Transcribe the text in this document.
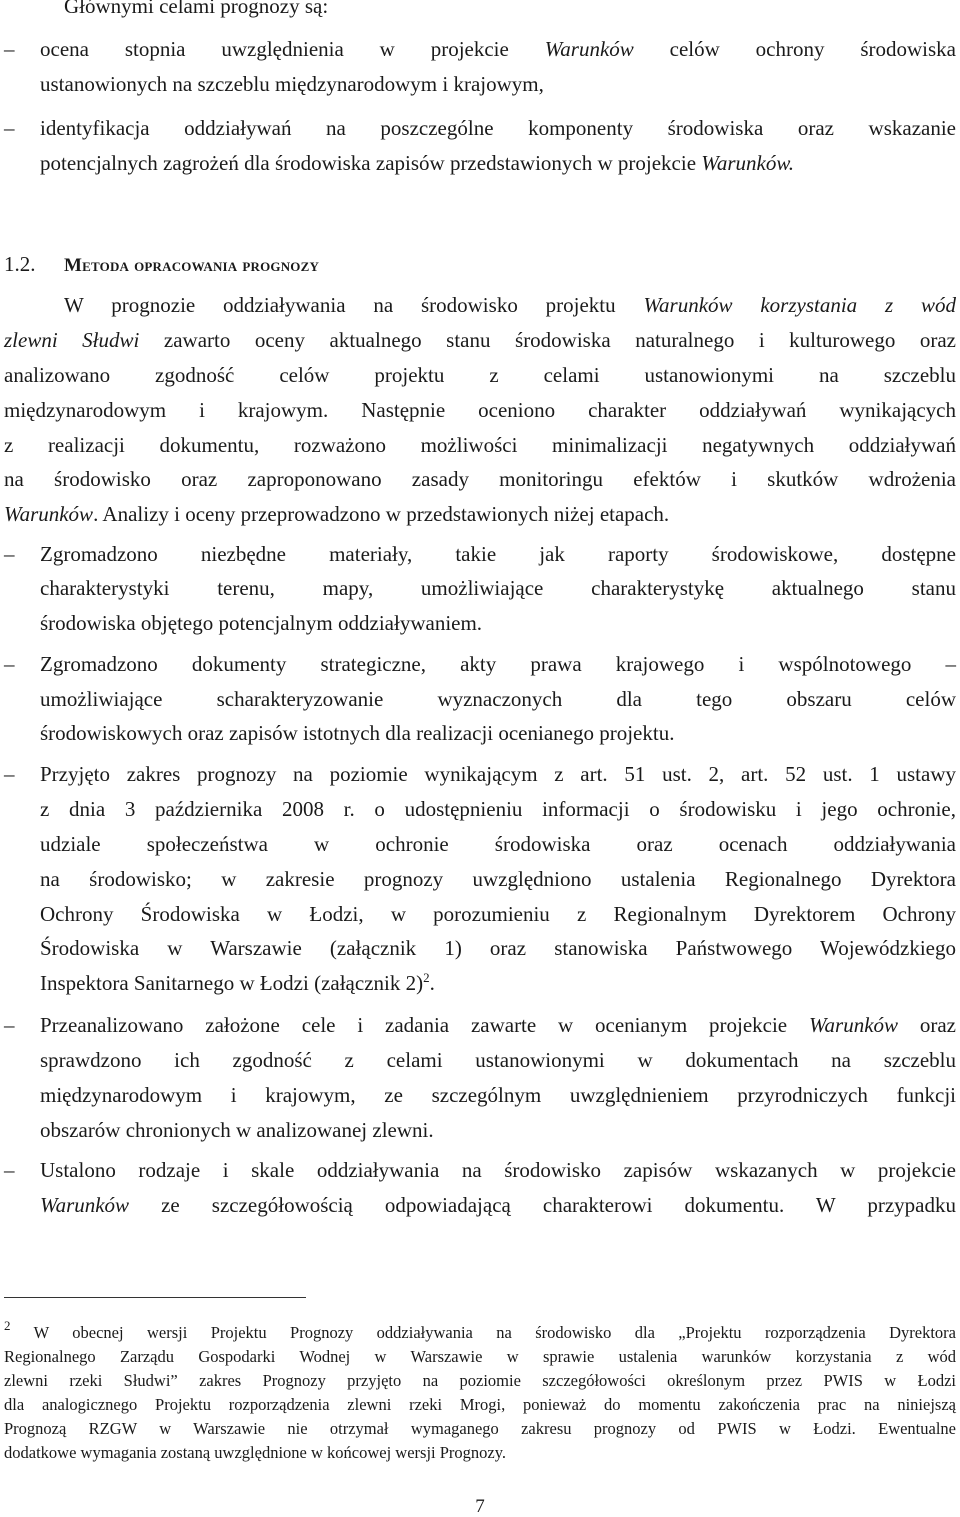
Głównymi celami prognozy są:
– ocena stopnia uwzględnienia w projekcie Warunków celów ochrony środowiska
ustanowionych na szczeblu międzynarodowym i krajowym,
– identyfikacja oddziaływań na poszczególne komponenty środowiska oraz wskazanie
potencjalnych zagrożeń dla środowiska zapisów przedstawionych w projekcie Warunków.
1.2. Metoda opracowania prognozy
W prognozie oddziaływania na środowisko projektu Warunków korzystania z wód
zlewni Słudwi zawarto oceny aktualnego stanu środowiska naturalnego i kulturowego oraz
analizowano zgodność celów projektu z celami ustanowionymi na szczeblu
międzynarodowym i krajowym. Następnie oceniono charakter oddziaływań wynikających
z realizacji dokumentu, rozważono możliwości minimalizacji negatywnych oddziaływań
na środowisko oraz zaproponowano zasady monitoringu efektów i skutków wdrożenia
Warunków. Analizy i oceny przeprowadzono w przedstawionych niżej etapach.
– Zgromadzono niezbędne materiały, takie jak raporty środowiskowe, dostępne
charakterystyki terenu, mapy, umożliwiające charakterystykę aktualnego stanu
środowiska objętego potencjalnym oddziaływaniem.
– Zgromadzono dokumenty strategiczne, akty prawa krajowego i wspólnotowego –
umożliwiające scharakteryzowanie wyznaczonych dla tego obszaru celów
środowiskowych oraz zapisów istotnych dla realizacji ocenianego projektu.
– Przyjęto zakres prognozy na poziomie wynikającym z art. 51 ust. 2, art. 52 ust. 1 ustawy
z dnia 3 października 2008 r. o udostępnieniu informacji o środowisku i jego ochronie,
udziale społeczeństwa w ochronie środowiska oraz ocenach oddziaływania
na środowisko; w zakresie prognozy uwzględniono ustalenia Regionalnego Dyrektora
Ochrony Środowiska w Łodzi, w porozumieniu z Regionalnym Dyrektorem Ochrony
Środowiska w Warszawie (załącznik 1) oraz stanowiska Państwowego Wojewódzkiego
Inspektora Sanitarnego w Łodzi (załącznik 2)$^2$.
– Przeanalizowano założone cele i zadania zawarte w ocenianym projekcie Warunków oraz
sprawdzono ich zgodność z celami ustanowionymi w dokumentach na szczeblu
międzynarodowym i krajowym, ze szczególnym uwzględnieniem przyrodniczych funkcji
obszarów chronionych w analizowanej zlewni.
– Ustalono rodzaje i skale oddziaływania na środowisko zapisów wskazanych w projekcie
Warunków ze szczegółowością odpowiadającą charakterowi dokumentu. W przypadku
$^2$ W obecnej wersji Projektu Prognozy oddziaływania na środowisko dla „Projektu rozporządzenia Dyrektora
Regionalnego Zarządu Gospodarki Wodnej w Warszawie w sprawie ustalenia warunków korzystania z wód
zlewni rzeki Słudwi” zakres Prognozy przyjęto na poziomie szczegółowości określonym przez PWIS w Łodzi
dla analogicznego Projektu rozporządzenia zlewni rzeki Mrogi, ponieważ do momentu zakończenia prac na niniejszą
Prognozą RZGW w Warszawie nie otrzymał wymaganego zakresu prognozy od PWIS w Łodzi. Ewentualne
dodatkowe wymagania zostaną uwzględnione w końcowej wersji Prognozy.
7
